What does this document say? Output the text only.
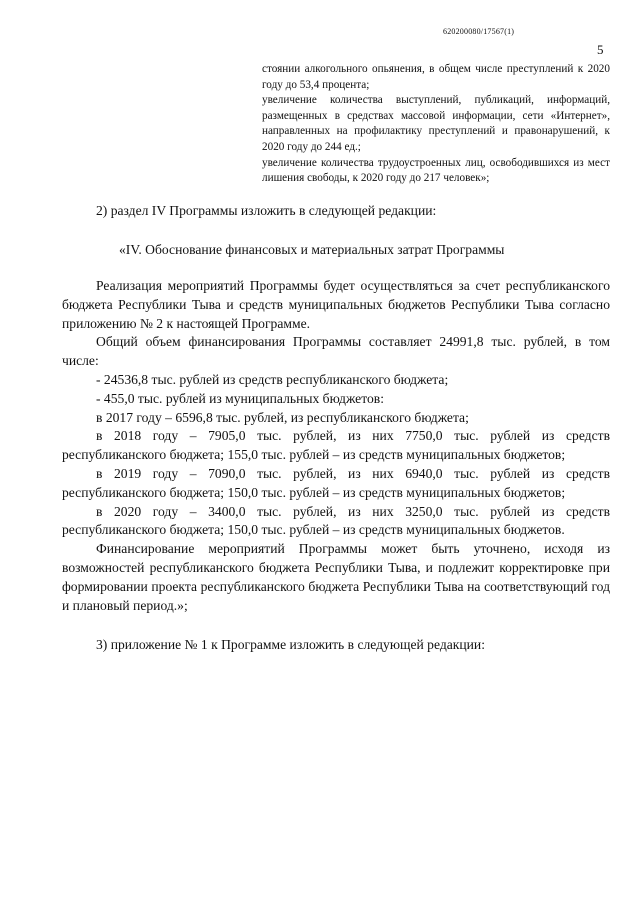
620200080/17567(1)
5

стоянии алкогольного опьянения, в общем числе преступлений к 2020 году до 53,4 процента;

увеличение количества выступлений, публикаций, информаций, размещенных в средствах массовой информации, сети «Интернет», направленных на профилактику преступлений и правонарушений, к 2020 году до 244 ед.;

увеличение количества трудоустроенных лиц, освободившихся из мест лишения свободы, к 2020 году до 217 человек»;

2) раздел IV Программы изложить в следующей редакции:
«IV. Обоснование финансовых и материальных затрат Программы

Реализация мероприятий Программы будет осуществляться за счет республиканского бюджета Республики Тыва и средств муниципальных бюджетов Республики Тыва согласно приложению № 2 к настоящей Программе.

Общий объем финансирования Программы составляет 24991,8 тыс. рублей, в том числе:

- 24536,8 тыс. рублей из средств республиканского бюджета;

- 455,0 тыс. рублей из муниципальных бюджетов:

в 2017 году – 6596,8 тыс. рублей, из республиканского бюджета;

в 2018 году – 7905,0 тыс. рублей, из них 7750,0 тыс. рублей из средств республиканского бюджета; 155,0 тыс. рублей – из средств муниципальных бюджетов;

в 2019 году – 7090,0 тыс. рублей, из них 6940,0 тыс. рублей из средств республиканского бюджета; 150,0 тыс. рублей – из средств муниципальных бюджетов;

в 2020 году – 3400,0 тыс. рублей, из них 3250,0 тыс. рублей из средств республиканского бюджета; 150,0 тыс. рублей – из средств муниципальных бюджетов.

Финансирование мероприятий Программы может быть уточнено, исходя из возможностей республиканского бюджета Республики Тыва, и подлежит корректировке при формировании проекта республиканского бюджета Республики Тыва на соответствующий год и плановый период.»;

3) приложение № 1 к Программе изложить в следующей редакции:
